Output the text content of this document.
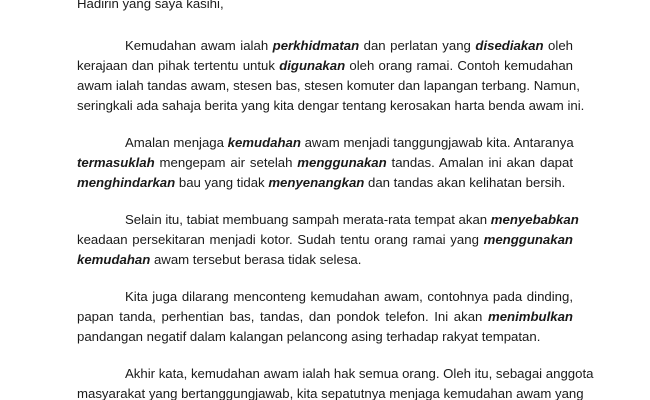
Hadirin yang saya kasihi,
Kemudahan awam ialah perkhidmatan dan perlatan yang disediakan oleh
kerajaan dan pihak tertentu untuk digunakan oleh orang ramai. Contoh kemudahan
awam ialah tandas awam, stesen bas, stesen komuter dan lapangan terbang. Namun,
seringkali ada sahaja berita yang kita dengar tentang kerosakan harta benda awam ini.
Amalan menjaga kemudahan awam menjadi tanggungjawab kita. Antaranya
termasuklah mengepam air setelah menggunakan tandas. Amalan ini akan dapat
menghindarkan bau yang tidak menyenangkan dan tandas akan kelihatan bersih.
Selain itu, tabiat membuang sampah merata-rata tempat akan menyebabkan
keadaan persekitaran menjadi kotor. Sudah tentu orang ramai yang menggunakan
kemudahan awam tersebut berasa tidak selesa.
Kita juga dilarang menconteng kemudahan awam, contohnya pada dinding,
papan tanda, perhentian bas, tandas, dan pondok telefon. Ini akan menimbulkan
pandangan negatif dalam kalangan pelancong asing terhadap rakyat tempatan.
Akhir kata, kemudahan awam ialah hak semua orang. Oleh itu, sebagai anggota
masyarakat yang bertanggungjawab, kita sepatutnya menjaga kemudahan awam yang
